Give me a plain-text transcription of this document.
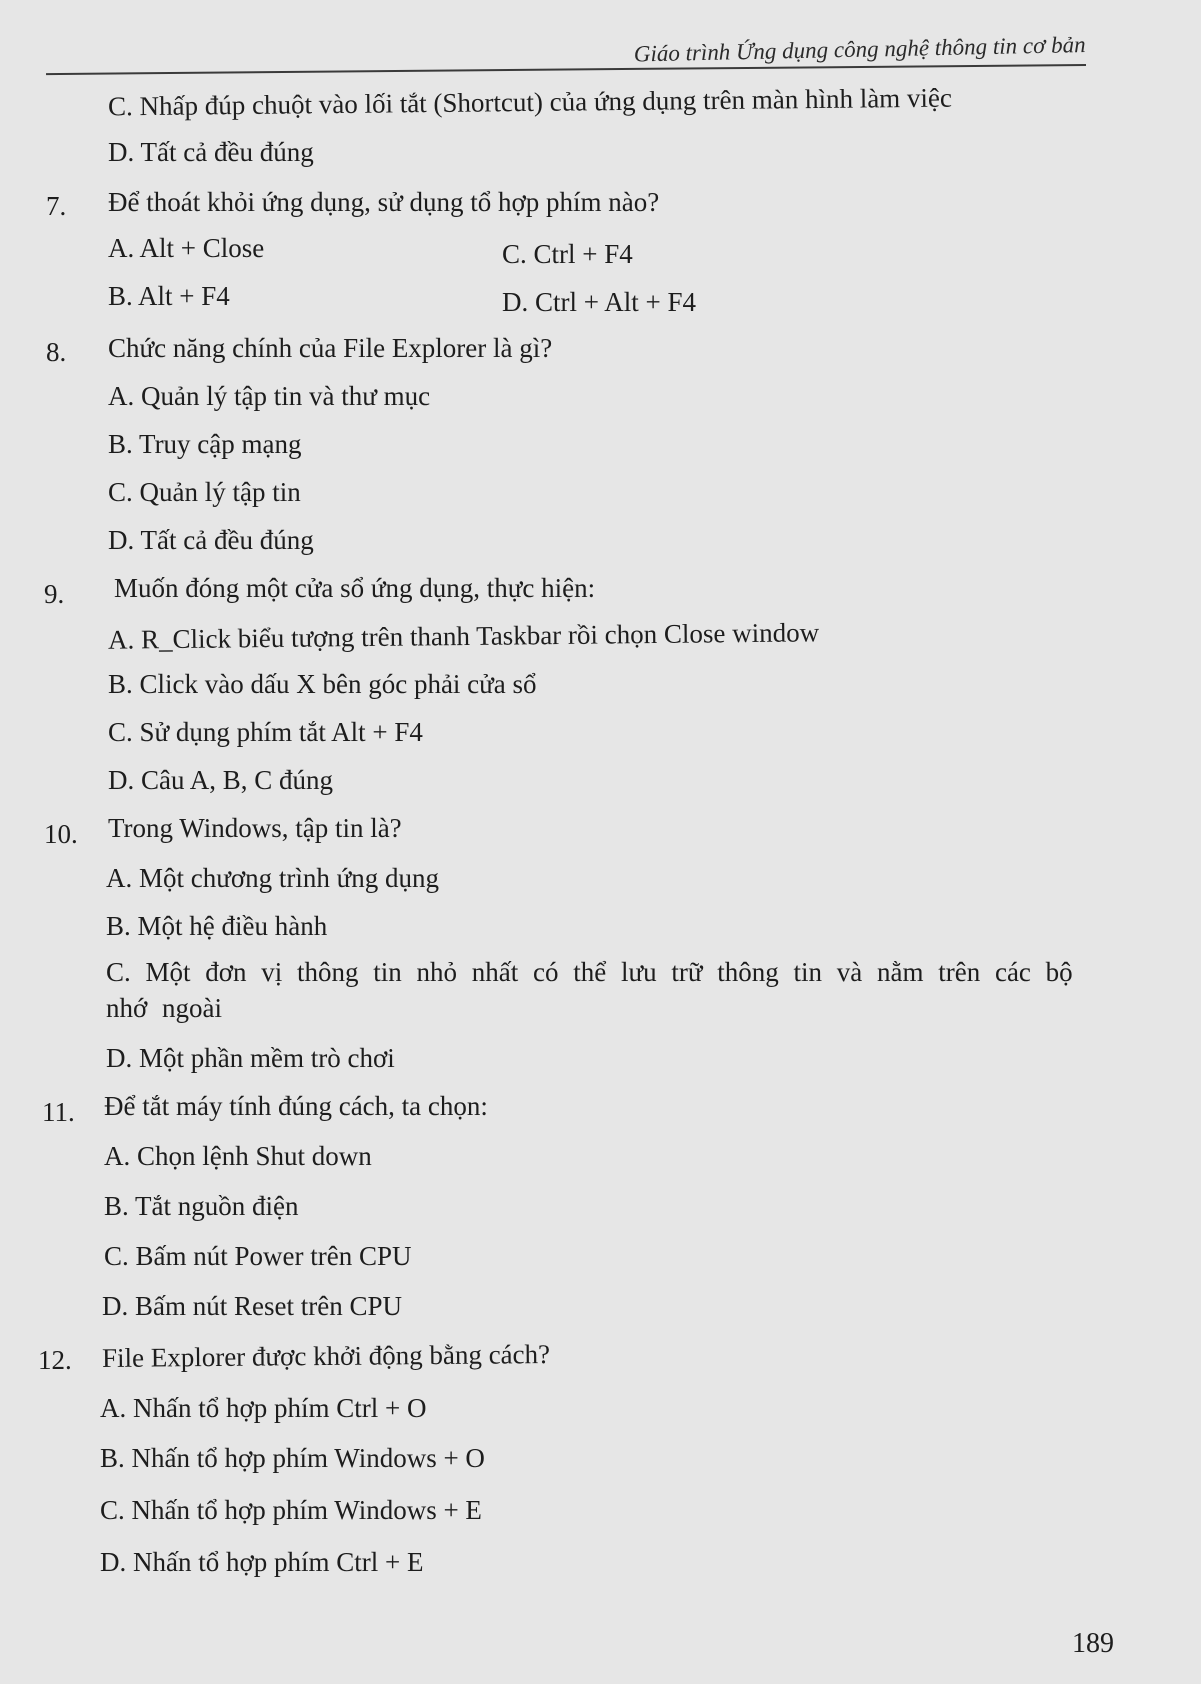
Giáo trình Ứng dụng công nghệ thông tin cơ bản
C. Nhấp đúp chuột vào lối tắt (Shortcut) của ứng dụng trên màn hình làm việc
D. Tất cả đều đúng
7. Để thoát khỏi ứng dụng, sử dụng tổ hợp phím nào?
A. Alt + Close
B. Alt + F4
C. Ctrl + F4
D. Ctrl + Alt + F4
8. Chức năng chính của File Explorer là gì?
A. Quản lý tập tin và thư mục
B. Truy cập mạng
C. Quản lý tập tin
D. Tất cả đều đúng
9. Muốn đóng một cửa sổ ứng dụng, thực hiện:
A. R_Click biểu tượng trên thanh Taskbar rồi chọn Close window
B. Click vào dấu X bên góc phải cửa sổ
C. Sử dụng phím tắt Alt + F4
D. Câu A, B, C đúng
10. Trong Windows, tập tin là?
A. Một chương trình ứng dụng
B. Một hệ điều hành
C. Một đơn vị thông tin nhỏ nhất có thể lưu trữ thông tin và nằm trên các bộ nhớ ngoài
D. Một phần mềm trò chơi
11. Để tắt máy tính đúng cách, ta chọn:
A. Chọn lệnh Shut down
B. Tắt nguồn điện
C. Bấm nút Power trên CPU
D. Bấm nút Reset trên CPU
12. File Explorer được khởi động bằng cách?
A. Nhấn tổ hợp phím Ctrl + O
B. Nhấn tổ hợp phím Windows + O
C. Nhấn tổ hợp phím Windows + E
D. Nhấn tổ hợp phím Ctrl + E
189
